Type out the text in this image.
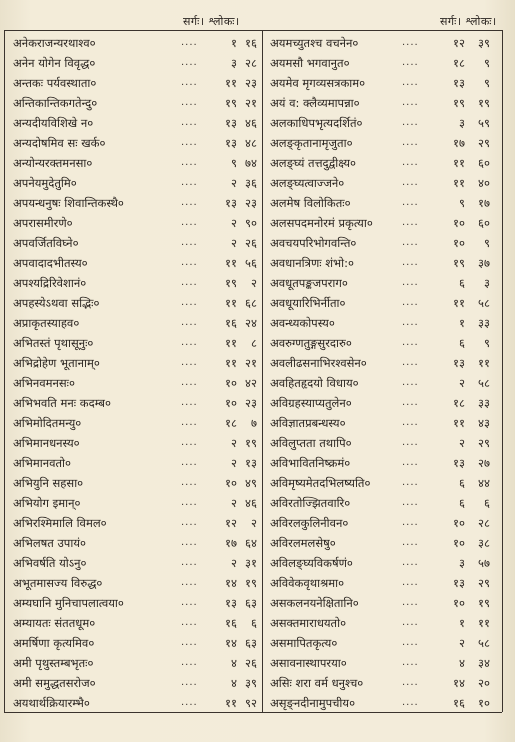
सर्गः। श्लोकः।	सर्गः। श्लोकः।
अनेकराजन्यरथाश्व०	....	१ १६
अनेन योगेन विवृद्ध०	....	३ २८
अन्तकः पर्यवस्थाता०	....	११ २३
अन्तिकान्तिकगतेन्दु०	....	१९ २१
अन्यदीयविशिखे न०	....	१३ ४६
अन्यदोषमिव सः खर्क०	....	१३ ४८
अन्योन्यरक्तमनसा०	....	९ ७४
अपनेयमुदेतुमि०	....	२ ३६
अपयन्धनुषः शिवान्तिकस्थै०	....	१३ २३
अपरासमीरणे०	....	२ ९०
अपवर्जितविघ्ने०	....	२ २६
अपवादादभीतस्य०	....	११ ५६
अपश्यद्रिरिवेशानं०	....	१९	२
अपहस्येऽथवा सद्भिः०	....	११ ६८
अप्राकृतस्याहव०	....	१६ २४
अभितस्तं पृथासूनुः०	....	११	८
अभिद्रोहेण भूतानाम्०	....	११ २१
अभिनवमनसः०	....	१० ४२
अभिभवति मनः कदम्ब०	....	१० २३
अभिमोदितमन्यु०	....	१८	७
अभिमानधनस्य०	....	२ १९
अभिमानवतो०	....	२ १३
अभियुनि सहसा०	....	१० ४९
अभियोग इमान्०	....	२ ४६
अभिरश्मिमालि विमल०	....	१२	२
अभिलषत उपायं०	....	१७ ६४
अभिवर्षति योऽनु०	....	२ ३१
अभूतमासज्य विरुद्ध०	....	१४ १९
अम्यघानि मुनिचापलात्वया०	....	१३ ६३
अम्यायतः संततधूम०	....	१६	६
अमर्षिणा कृत्यमिव०	....	१४ ६३
अमी पृथुस्तम्बभृतः०	....	४ २६
अमी समुद्धतसरोज०	....	४ ३९
अयथार्थक्रियारम्भै०	....	११ ९२
अयमच्युतश्च वचनेन०	....	१२	३९
अयमसौ भगवानुत०	....	१८	९
अयमेव मृगव्यसत्रकाम०	....	१३	९
अयं व: क्लैव्यमापन्ना०	....	१९	१९
अलकाधिपभृत्यदर्शितं०	....	३	५९
अलङ्कृतानामृजुता०	....	१७	२९
अलङ्घ्यं तत्तदुद्वीक्ष्य०	....	११	६०
अलङ्घ्यत्वाज्जने०	....	११	४०
अलमेष विलोकितः०	....	९	१७
अलसपदमनोरमं प्रकृत्या०	....	१०	६०
अवचयपरिभोगवन्ति०	....	१०	९
अवधानत्रिणः शंभो:०	....	१९	३७
अवधूतपङ्कजपराग०	....	६	३
अवधूयारिभिर्नीता०	....	११	५८
अवन्ध्यकोपस्य०	....	१	३३
अवरुग्णतुङ्गसुरदारु०	....	६	९
अवलीढसनाभिरश्वसेन०	....	१३	११
अवहितहृदयो विधाय०	....	२	५८
अविग्रहस्याप्यतुलेन०	....	१८	३३
अविज्ञातप्रबन्धस्य०	....	११	४३
अविलुप्तता तथापि०	....	२	२९
अविभावितनिष्क्रमं०	....	१३	२७
अविमृष्यमेतदभिलष्यति०	....	६	४४
अविरतोज्झितवारि०	....	६	६
अविरलकुलिनीवन०	....	१०	२८
अविरलमलसेषु०	....	१०	३८
अविलङ्घ्यविकर्षणं०	....	३	५७
अविवेकवृथाश्रमा०	....	१३	२९
असकलनयनेक्षितानि०	....	१०	१९
असक्तमाराधयतो०	....	१	११
असमापितकृत्य०	....	२	५८
असावनास्थापरया०	....	४	३४
असिः शरा वर्म धनुश्च०	....	१४	२०
असृङ्नदीनामुपचीय०	....	१६	१०
